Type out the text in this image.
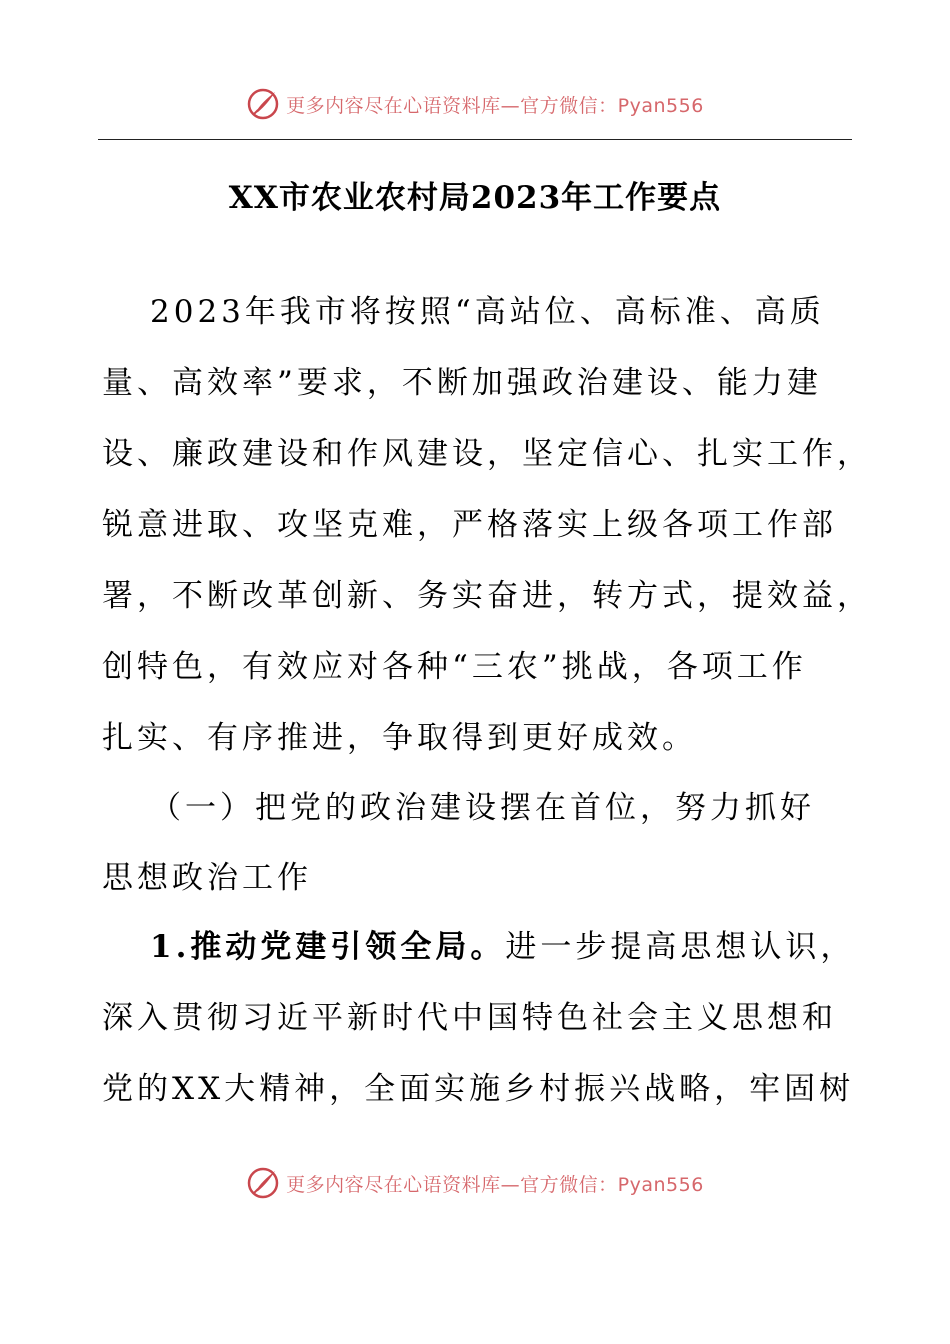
更多内容尽在心语资料库—官方微信：Pyan556
XX市农业农村局2023年工作要点
2023年我市将按照“高站位、高标准、高质
量、高效率”要求，不断加强政治建设、能力建
设、廉政建设和作风建设，坚定信心、扎实工作，
锐意进取、攻坚克难，严格落实上级各项工作部
署，不断改革创新、务实奋进，转方式，提效益，
创特色，有效应对各种“三农”挑战，各项工作
扎实、有序推进，争取得到更好成效。
（一）把党的政治建设摆在首位，努力抓好
思想政治工作
1.推动党建引领全局。进一步提高思想认识，
深入贯彻习近平新时代中国特色社会主义思想和
党的XX大精神，全面实施乡村振兴战略，牢固树
更多内容尽在心语资料库—官方微信：Pyan556
